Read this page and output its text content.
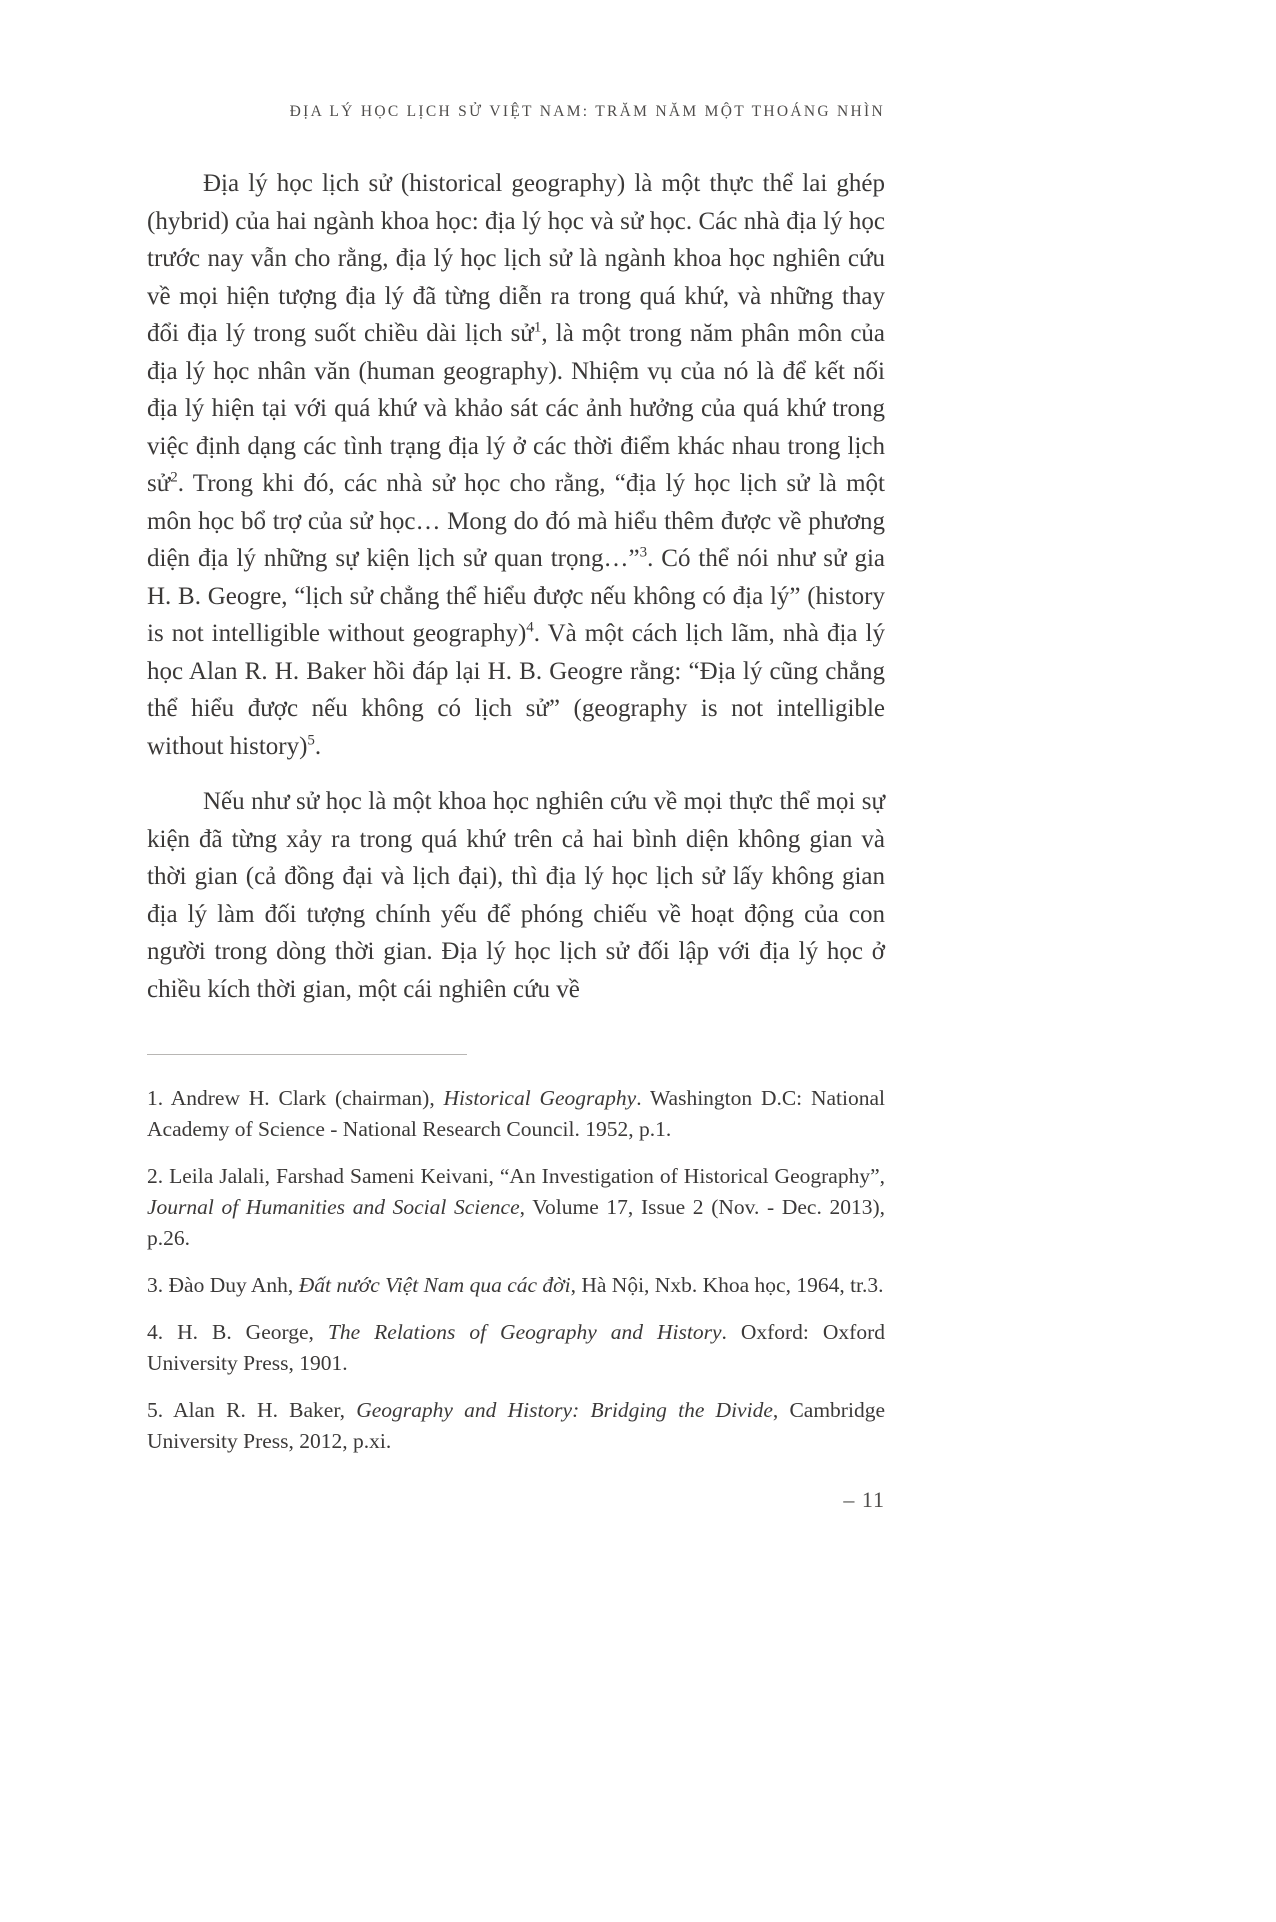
ĐỊA LÝ HỌC LỊCH SỬ VIỆT NAM: TRĂM NĂM MỘT THOÁNG NHÌN

Địa lý học lịch sử (historical geography) là một thực thể lai ghép (hybrid) của hai ngành khoa học: địa lý học và sử học. Các nhà địa lý học trước nay vẫn cho rằng, địa lý học lịch sử là ngành khoa học nghiên cứu về mọi hiện tượng địa lý đã từng diễn ra trong quá khứ, và những thay đổi địa lý trong suốt chiều dài lịch sử$^1$, là một trong năm phân môn của địa lý học nhân văn (human geography). Nhiệm vụ của nó là để kết nối địa lý hiện tại với quá khứ và khảo sát các ảnh hưởng của quá khứ trong việc định dạng các tình trạng địa lý ở các thời điểm khác nhau trong lịch sử$^2$. Trong khi đó, các nhà sử học cho rằng, “địa lý học lịch sử là một môn học bổ trợ của sử học… Mong do đó mà hiểu thêm được về phương diện địa lý những sự kiện lịch sử quan trọng…”$^3$. Có thể nói như sử gia H. B. Geogre, “lịch sử chẳng thể hiểu được nếu không có địa lý” (history is not intelligible without geography)$^4$. Và một cách lịch lãm, nhà địa lý học Alan R. H. Baker hồi đáp lại H. B. Geogre rằng: “Địa lý cũng chẳng thể hiểu được nếu không có lịch sử” (geography is not intelligible without history)$^5$.

Nếu như sử học là một khoa học nghiên cứu về mọi thực thể mọi sự kiện đã từng xảy ra trong quá khứ trên cả hai bình diện không gian và thời gian (cả đồng đại và lịch đại), thì địa lý học lịch sử lấy không gian địa lý làm đối tượng chính yếu để phóng chiếu về hoạt động của con người trong dòng thời gian. Địa lý học lịch sử đối lập với địa lý học ở chiều kích thời gian, một cái nghiên cứu về

1. Andrew H. Clark (chairman), Historical Geography. Washington D.C: National Academy of Science - National Research Council. 1952, p.1.

2. Leila Jalali, Farshad Sameni Keivani, “An Investigation of Historical Geography”, Journal of Humanities and Social Science, Volume 17, Issue 2 (Nov. - Dec. 2013), p.26.

3. Đào Duy Anh, Đất nước Việt Nam qua các đời, Hà Nội, Nxb. Khoa học, 1964, tr.3.

4. H. B. George, The Relations of Geography and History. Oxford: Oxford University Press, 1901.

5. Alan R. H. Baker, Geography and History: Bridging the Divide, Cambridge University Press, 2012, p.xi.

– 11
